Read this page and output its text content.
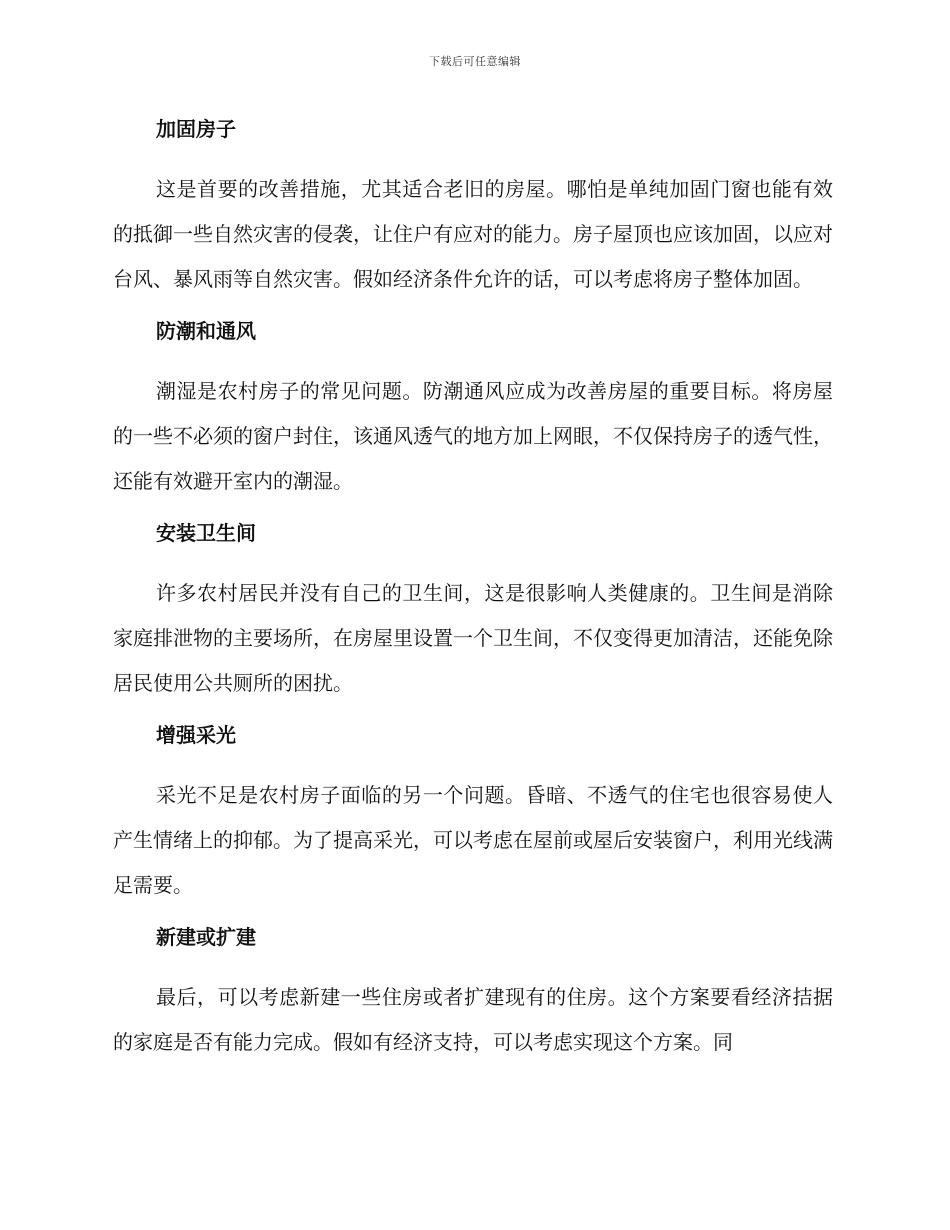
下载后可任意编辑
加固房子

这是首要的改善措施，尤其适合老旧的房屋。哪怕是单纯加固门窗也能有效的抵御一些自然灾害的侵袭，让住户有应对的能力。房子屋顶也应该加固，以应对台风、暴风雨等自然灾害。假如经济条件允许的话，可以考虑将房子整体加固。

防潮和通风

潮湿是农村房子的常见问题。防潮通风应成为改善房屋的重要目标。将房屋的一些不必须的窗户封住，该通风透气的地方加上网眼，不仅保持房子的透气性，还能有效避开室内的潮湿。

安装卫生间

许多农村居民并没有自己的卫生间，这是很影响人类健康的。卫生间是消除家庭排泄物的主要场所，在房屋里设置一个卫生间，不仅变得更加清洁，还能免除居民使用公共厕所的困扰。

增强采光

采光不足是农村房子面临的另一个问题。昏暗、不透气的住宅也很容易使人产生情绪上的抑郁。为了提高采光，可以考虑在屋前或屋后安装窗户，利用光线满足需要。

新建或扩建

最后，可以考虑新建一些住房或者扩建现有的住房。这个方案要看经济拮据的家庭是否有能力完成。假如有经济支持，可以考虑实现这个方案。同
